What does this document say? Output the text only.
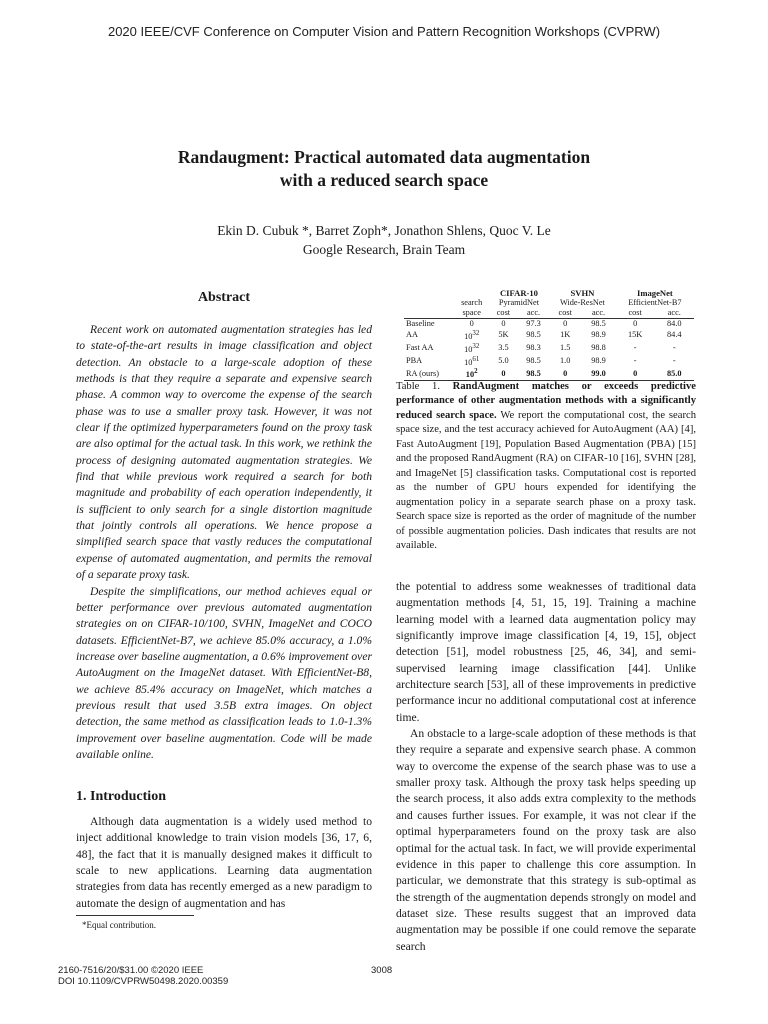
2020 IEEE/CVF Conference on Computer Vision and Pattern Recognition Workshops (CVPRW)
Randaugment: Practical automated data augmentation
with a reduced search space
Ekin D. Cubuk *, Barret Zoph*, Jonathon Shlens, Quoc V. Le
Google Research, Brain Team
Abstract

Recent work on automated augmentation strategies has led to state-of-the-art results in image classification and object detection. An obstacle to a large-scale adoption of these methods is that they require a separate and expensive search phase. A common way to overcome the expense of the search phase was to use a smaller proxy task. However, it was not clear if the optimized hyperparameters found on the proxy task are also optimal for the actual task. In this work, we rethink the process of designing automated augmentation strategies. We find that while previous work required a search for both magnitude and probability of each operation independently, it is sufficient to only search for a single distortion magnitude that jointly controls all operations. We hence propose a simplified search space that vastly reduces the computational expense of automated augmentation, and permits the removal of a separate proxy task.

Despite the simplifications, our method achieves equal or better performance over previous automated augmentation strategies on on CIFAR-10/100, SVHN, ImageNet and COCO datasets. EfficientNet-B7, we achieve 85.0% accuracy, a 1.0% increase over baseline augmentation, a 0.6% improvement over AutoAugment on the ImageNet dataset. With EfficientNet-B8, we achieve 85.4% accuracy on ImageNet, which matches a previous result that used 3.5B extra images. On object detection, the same method as classification leads to 1.0-1.3% improvement over baseline augmentation. Code will be made available online.

1. Introduction

Although data augmentation is a widely used method to inject additional knowledge to train vision models [36, 17, 6, 48], the fact that it is manually designed makes it difficult to scale to new applications. Learning data augmentation strategies from data has recently emerged as a new paradigm to automate the design of augmentation and has

*Equal contribution.
		CIFAR-10		SVHN		ImageNet	
	search	PyramidNet		Wide-ResNet		EfficientNet-B7	
	space	cost	acc.	cost	acc.	cost	acc.
Baseline	0	0	97.3	0	98.5	0	84.0
AA	$10^{32}$	5K	98.5	1K	98.9	15K	84.4
Fast AA	$10^{32}$	3.5	98.3	1.5	98.8	-	-
PBA	$10^{61}$	5.0	98.5	1.0	98.9	-	-
RA (ours)	$10^2$	0	98.5	0	99.0	0	85.0
Table 1. RandAugment matches or exceeds predictive performance of other augmentation methods with a significantly reduced search space. We report the computational cost, the search space size, and the test accuracy achieved for AutoAugment (AA) [4], Fast AutoAugment [19], Population Based Augmentation (PBA) [15] and the proposed RandAugment (RA) on CIFAR-10 [16], SVHN [28], and ImageNet [5] classification tasks. Computational cost is reported as the number of GPU hours expended for identifying the augmentation policy in a separate search phase on a proxy task. Search space size is reported as the order of magnitude of the number of possible augmentation policies. Dash indicates that results are not available.

the potential to address some weaknesses of traditional data augmentation methods [4, 51, 15, 19]. Training a machine learning model with a learned data augmentation policy may significantly improve image classification [4, 19, 15], object detection [51], model robustness [25, 46, 34], and semi-supervised learning image classification [44]. Unlike architecture search [53], all of these improvements in predictive performance incur no additional computational cost at inference time.

An obstacle to a large-scale adoption of these methods is that they require a separate and expensive search phase. A common way to overcome the expense of the search phase was to use a smaller proxy task. Although the proxy task helps speeding up the search process, it also adds extra complexity to the methods and causes further issues. For example, it was not clear if the optimal hyperparameters found on the proxy task are also optimal for the actual task. In fact, we will provide experimental evidence in this paper to challenge this core assumption. In particular, we demonstrate that this strategy is sub-optimal as the strength of the augmentation depends strongly on model and dataset size. These results suggest that an improved data augmentation may be possible if one could remove the separate search

2160-7516/20/$31.00 ©2020 IEEE
DOI 10.1109/CVPRW50498.2020.00359
3008
